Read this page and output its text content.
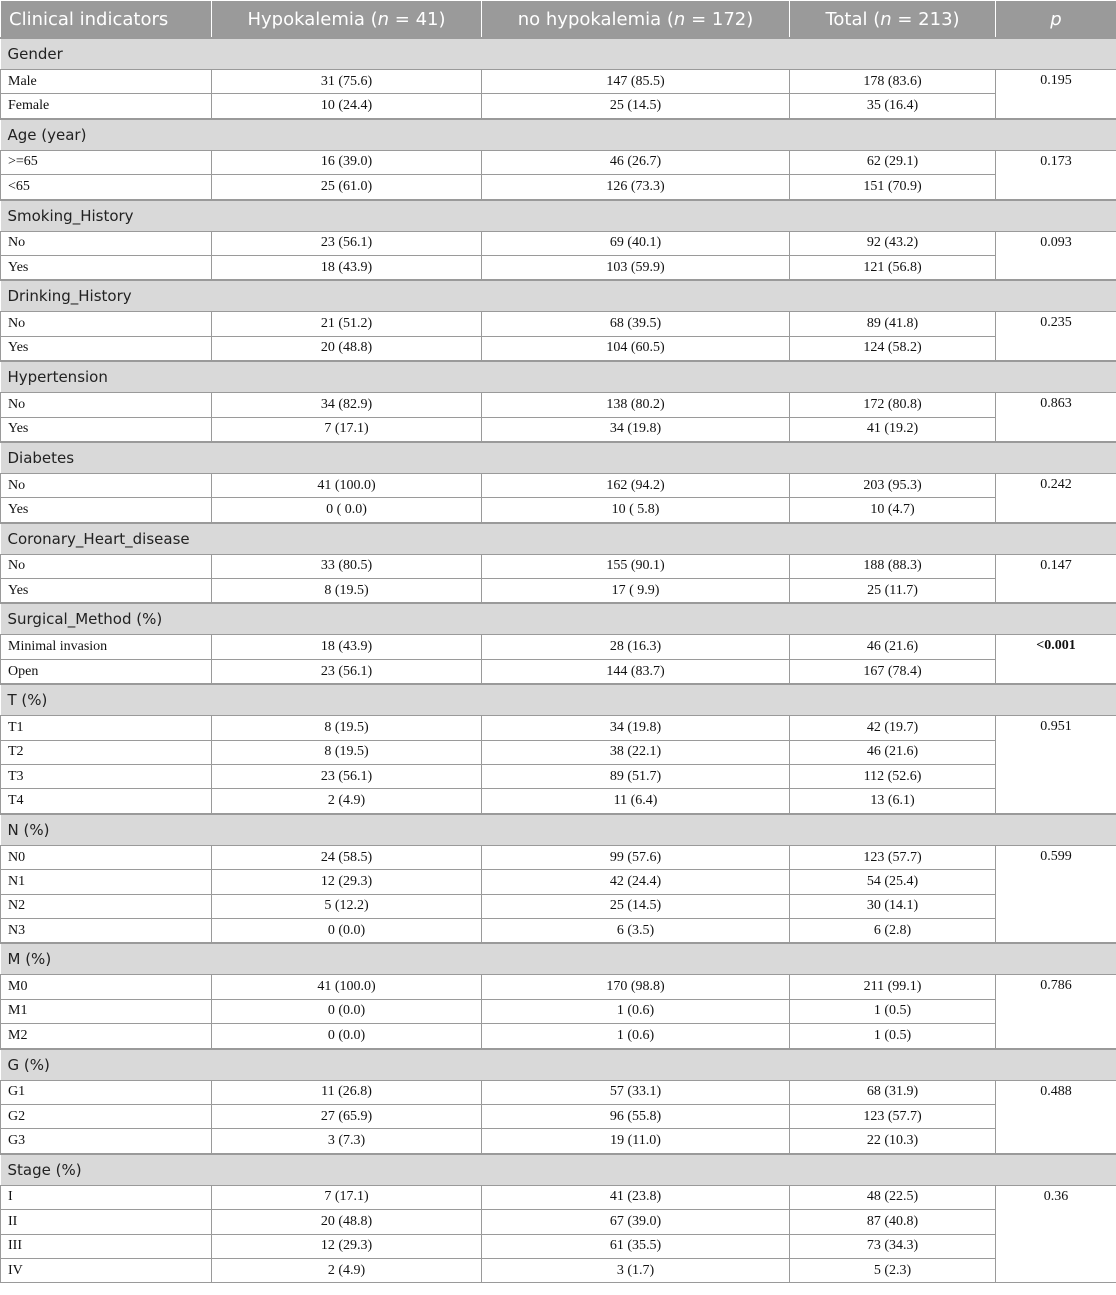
Clinical indicators	Hypokalemia (n = 41)	no hypokalemia (n = 172)	Total (n = 213)	p
Gender				
Male	31 (75.6)	147 (85.5)	178 (83.6)	0.195
Female	10 (24.4)	25 (14.5)	35 (16.4)	
Age (year)				
>=65	16 (39.0)	46 (26.7)	62 (29.1)	0.173
<65	25 (61.0)	126 (73.3)	151 (70.9)	
Smoking_History				
No	23 (56.1)	69 (40.1)	92 (43.2)	0.093
Yes	18 (43.9)	103 (59.9)	121 (56.8)	
Drinking_History				
No	21 (51.2)	68 (39.5)	89 (41.8)	0.235
Yes	20 (48.8)	104 (60.5)	124 (58.2)	
Hypertension				
No	34 (82.9)	138 (80.2)	172 (80.8)	0.863
Yes	7 (17.1)	34 (19.8)	41 (19.2)	
Diabetes				
No	41 (100.0)	162 (94.2)	203 (95.3)	0.242
Yes	0 ( 0.0)	10 ( 5.8)	10 (4.7)	
Coronary_Heart_disease				
No	33 (80.5)	155 (90.1)	188 (88.3)	0.147
Yes	8 (19.5)	17 ( 9.9)	25 (11.7)	
Surgical_Method (%)				
Minimal invasion	18 (43.9)	28 (16.3)	46 (21.6)	<0.001
Open	23 (56.1)	144 (83.7)	167 (78.4)	
T (%)				
T1	8 (19.5)	34 (19.8)	42 (19.7)	0.951
T2	8 (19.5)	38 (22.1)	46 (21.6)	
T3	23 (56.1)	89 (51.7)	112 (52.6)	
T4	2 (4.9)	11 (6.4)	13 (6.1)	
N (%)				
N0	24 (58.5)	99 (57.6)	123 (57.7)	0.599
N1	12 (29.3)	42 (24.4)	54 (25.4)	
N2	5 (12.2)	25 (14.5)	30 (14.1)	
N3	0 (0.0)	6 (3.5)	6 (2.8)	
M (%)				
M0	41 (100.0)	170 (98.8)	211 (99.1)	0.786
M1	0 (0.0)	1 (0.6)	1 (0.5)	
M2	0 (0.0)	1 (0.6)	1 (0.5)	
G (%)				
G1	11 (26.8)	57 (33.1)	68 (31.9)	0.488
G2	27 (65.9)	96 (55.8)	123 (57.7)	
G3	3 (7.3)	19 (11.0)	22 (10.3)	
Stage (%)				
I	7 (17.1)	41 (23.8)	48 (22.5)	0.36
II	20 (48.8)	67 (39.0)	87 (40.8)	
III	12 (29.3)	61 (35.5)	73 (34.3)	
IV	2 (4.9)	3 (1.7)	5 (2.3)	
